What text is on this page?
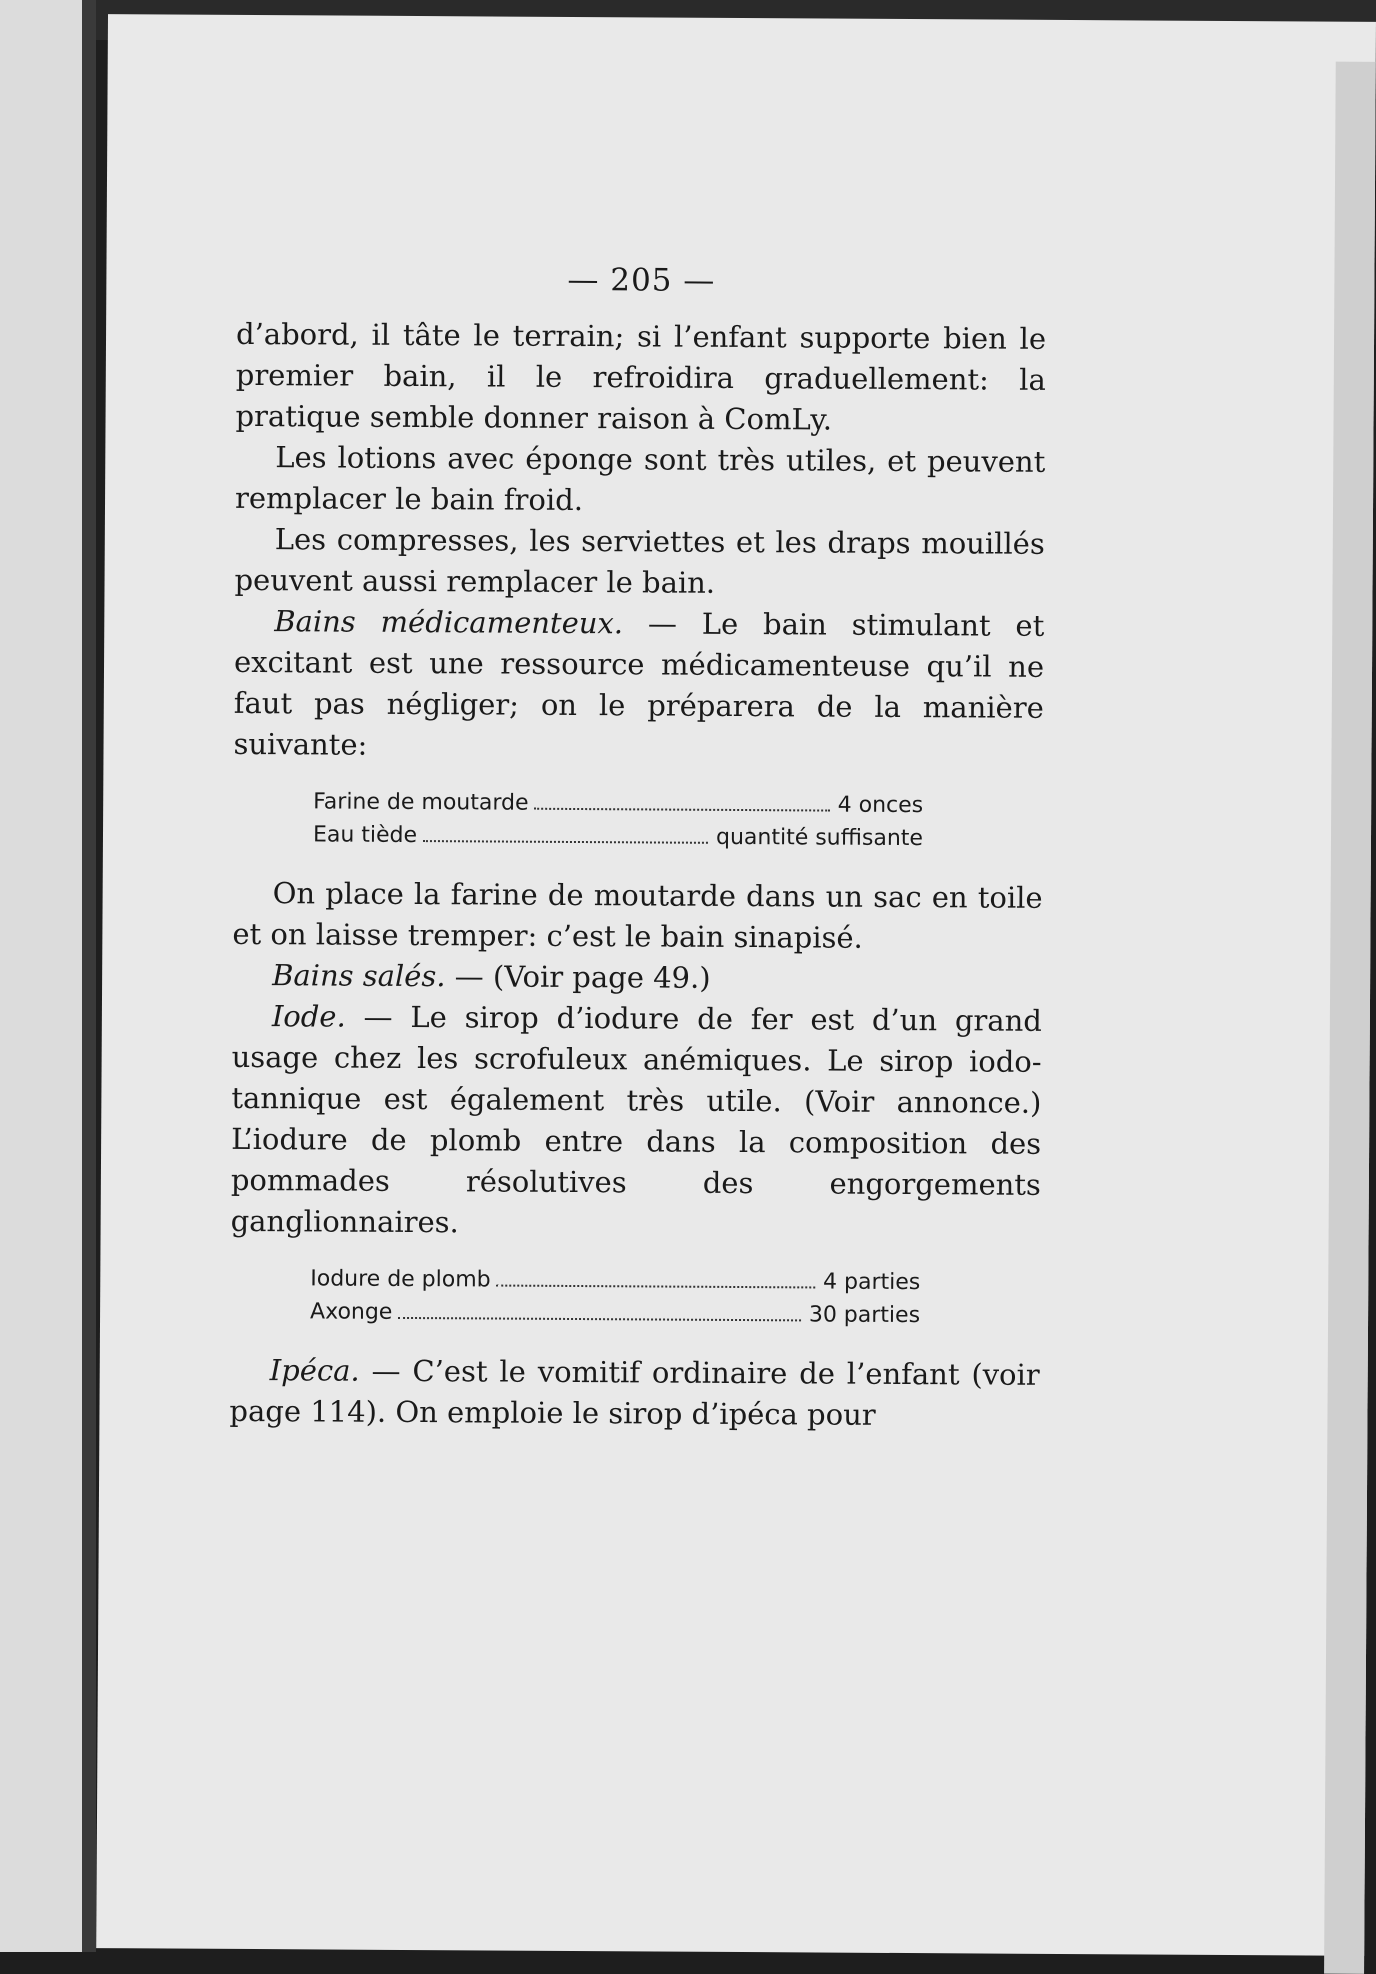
— 205 —

d’abord, il tâte le terrain; si l’enfant supporte bien le premier bain, il le refroidira graduellement: la pratique semble donner raison à ComLy.

Les lotions avec éponge sont très utiles, et peuvent remplacer le bain froid.

Les compresses, les serviettes et les draps mouillés peuvent aussi remplacer le bain.

Bains médicamenteux. — Le bain stimulant et excitant est une ressource médicamenteuse qu’il ne faut pas négliger; on le préparera de la manière suivante:

Farine de moutarde	4 onces
Eau tiède	quantité suffisante

On place la farine de moutarde dans un sac en toile et on laisse tremper: c’est le bain sinapisé.

Bains salés. — (Voir page 49.)

Iode. — Le sirop d’iodure de fer est d’un grand usage chez les scrofuleux anémiques. Le sirop iodo-tannique est également très utile. (Voir annonce.) L’iodure de plomb entre dans la composition des pommades résolutives des engorgements ganglionnaires.

Iodure de plomb	4 parties
Axonge	30 parties

Ipéca. — C’est le vomitif ordinaire de l’enfant (voir page 114). On emploie le sirop d’ipéca pour
